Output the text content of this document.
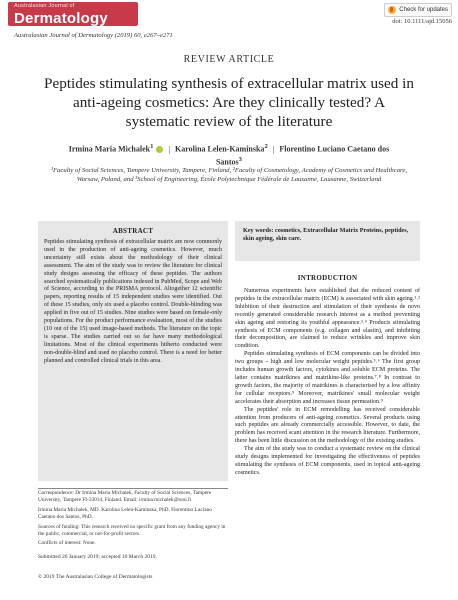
Australasian Journal of
Dermatology	Check for updates
doi: 10.1111/ajd.15056
Australasian Journal of Dermatology (2019) 60, e267–e271
REVIEW ARTICLE
Peptides stimulating synthesis of extracellular matrix used in anti-ageing cosmetics: Are they clinically tested? A systematic review of the literature
Irmina Maria Michalek$^1$ | Karolina Lelen-Kaminska$^2$ | Florentino Luciano Caetano dos Santos$^3$
¹Faculty of Social Sciences, Tampere University, Tampere, Finland, ²Faculty of Cosmetology, Academy of Cosmetics and Healthcare, Warsaw, Poland, and ³School of Engineering, École Polytechnique Fédérale de Lausanne, Lausanne, Switzerland
ABSTRACT
Peptides stimulating synthesis of extracellular matrix are now commonly used in the production of anti-ageing cosmetics. However, much uncertainty still exists about the methodology of their clinical assessment. The aim of the study was to review the literature for clinical study designs assessing the efficacy of these peptides. The authors searched systematically publications indexed in PubMed, Scope and Web of Science, according to the PRISMA protocol. Altogether 12 scientific papers, reporting results of 15 independent studies were identified. Out of these 15 studies, only six used a placebo control. Double-blinding was applied in five out of 15 studies. Nine studies were based on female-only populations. For the product performance evaluation, most of the studies (10 out of the 15) used image-based methods. The literature on the topic is sparse. The studies carried out so far have many methodological limitations. Most of the clinical experiments hitherto conducted were non-double-blind and used no placebo control. There is a need for better planned and controlled clinical trials in this area.
Key words: cosmetics, Extracellular Matrix Proteins, peptides, skin ageing, skin care.
INTRODUCTION

Numerous experiments have established that the reduced content of peptides in the extracellular matrix (ECM) is associated with skin ageing.¹˒² Inhibition of their destruction and stimulation of their synthesis de novo recently generated considerable research interest as a method preventing skin ageing and restoring its youthful appearance.³˒⁴ Products stimulating synthesis of ECM components (e.g. collagen and elastin), and inhibiting their decomposition, are claimed to reduce wrinkles and improve skin condition.

Peptides stimulating synthesis of ECM components can be divided into two groups – high and low molecular weight peptides.⁵˒⁶ The first group includes human growth factors, cytokines and soluble ECM proteins. The latter contains matrikines and matrikine-like proteins.⁷˒⁸ In contrast to growth factors, the majority of matrikines is characterised by a low affinity for cellular receptors.⁹ Moreover, matrikines' small molecular weight accelerates their absorption and increases tissue permeation.⁹

The peptides' role in ECM remodelling has received considerable attention from producers of anti-ageing cosmetics. Several products using such peptides are already commercially accessible. However, to date, the problem has received scant attention in the research literature. Furthermore, there has been little discussion on the methodology of the existing studies.

The aim of the study was to conduct a systematic review on the clinical study designs implemented for investigating the effectiveness of peptides stimulating the synthesis of ECM components, used in topical anti-ageing cosmetics.

Correspondence: Dr Irmina Maria Michalek, Faculty of Social Sciences, Tampere University, Tampere FI-33014, Finland. Email: irmina.michalek@tuni.fi

Irmina Maria Michalek, MD. Karolina Lelen-Kaminska, PhD. Florentino Luciano Caetano dos Santos, PhD.

Sources of funding: This research received no specific grant from any funding agency in the public, commercial, or not-for-profit sectors.

Conflicts of interest: None.

Submitted 26 January 2019; accepted 10 March 2019.
© 2019 The Australasian College of Dermatologists
